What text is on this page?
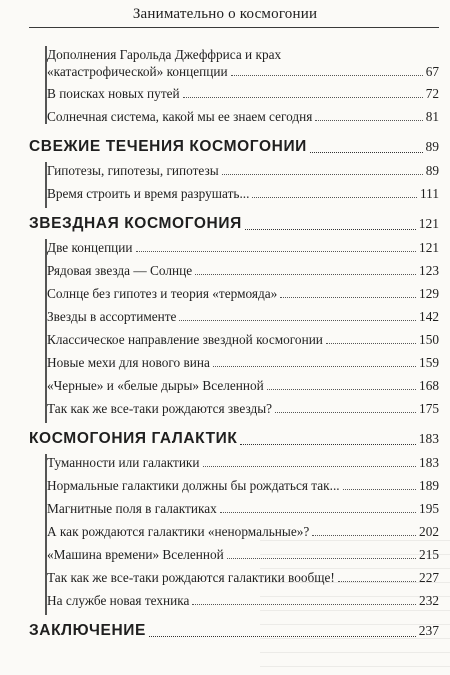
Занимательно о космогонии
Дополнения Гарольда Джеффриса и крах
«катастрофической» концепции	67
В поисках новых путей	72
Солнечная система, какой мы ее знаем сегодня	81
СВЕЖИЕ ТЕЧЕНИЯ КОСМОГОНИИ	89
Гипотезы, гипотезы, гипотезы	89
Время строить и время разрушать...	111
ЗВЕЗДНАЯ КОСМОГОНИЯ	121
Две концепции	121
Рядовая звезда — Солнце	123
Солнце без гипотез и теория «термояда»	129
Звезды в ассортименте	142
Классическое направление звездной космогонии	150
Новые мехи для нового вина	159
«Черные» и «белые дыры» Вселенной	168
Так как же все-таки рождаются звезды?	175
КОСМОГОНИЯ ГАЛАКТИК	183
Туманности или галактики	183
Нормальные галактики должны бы рождаться так...	189
Магнитные поля в галактиках	195
А как рождаются галактики «ненормальные»?	202
«Машина времени» Вселенной	215
Так как же все-таки рождаются галактики вообще!	227
На службе новая техника	232
ЗАКЛЮЧЕНИЕ	237
